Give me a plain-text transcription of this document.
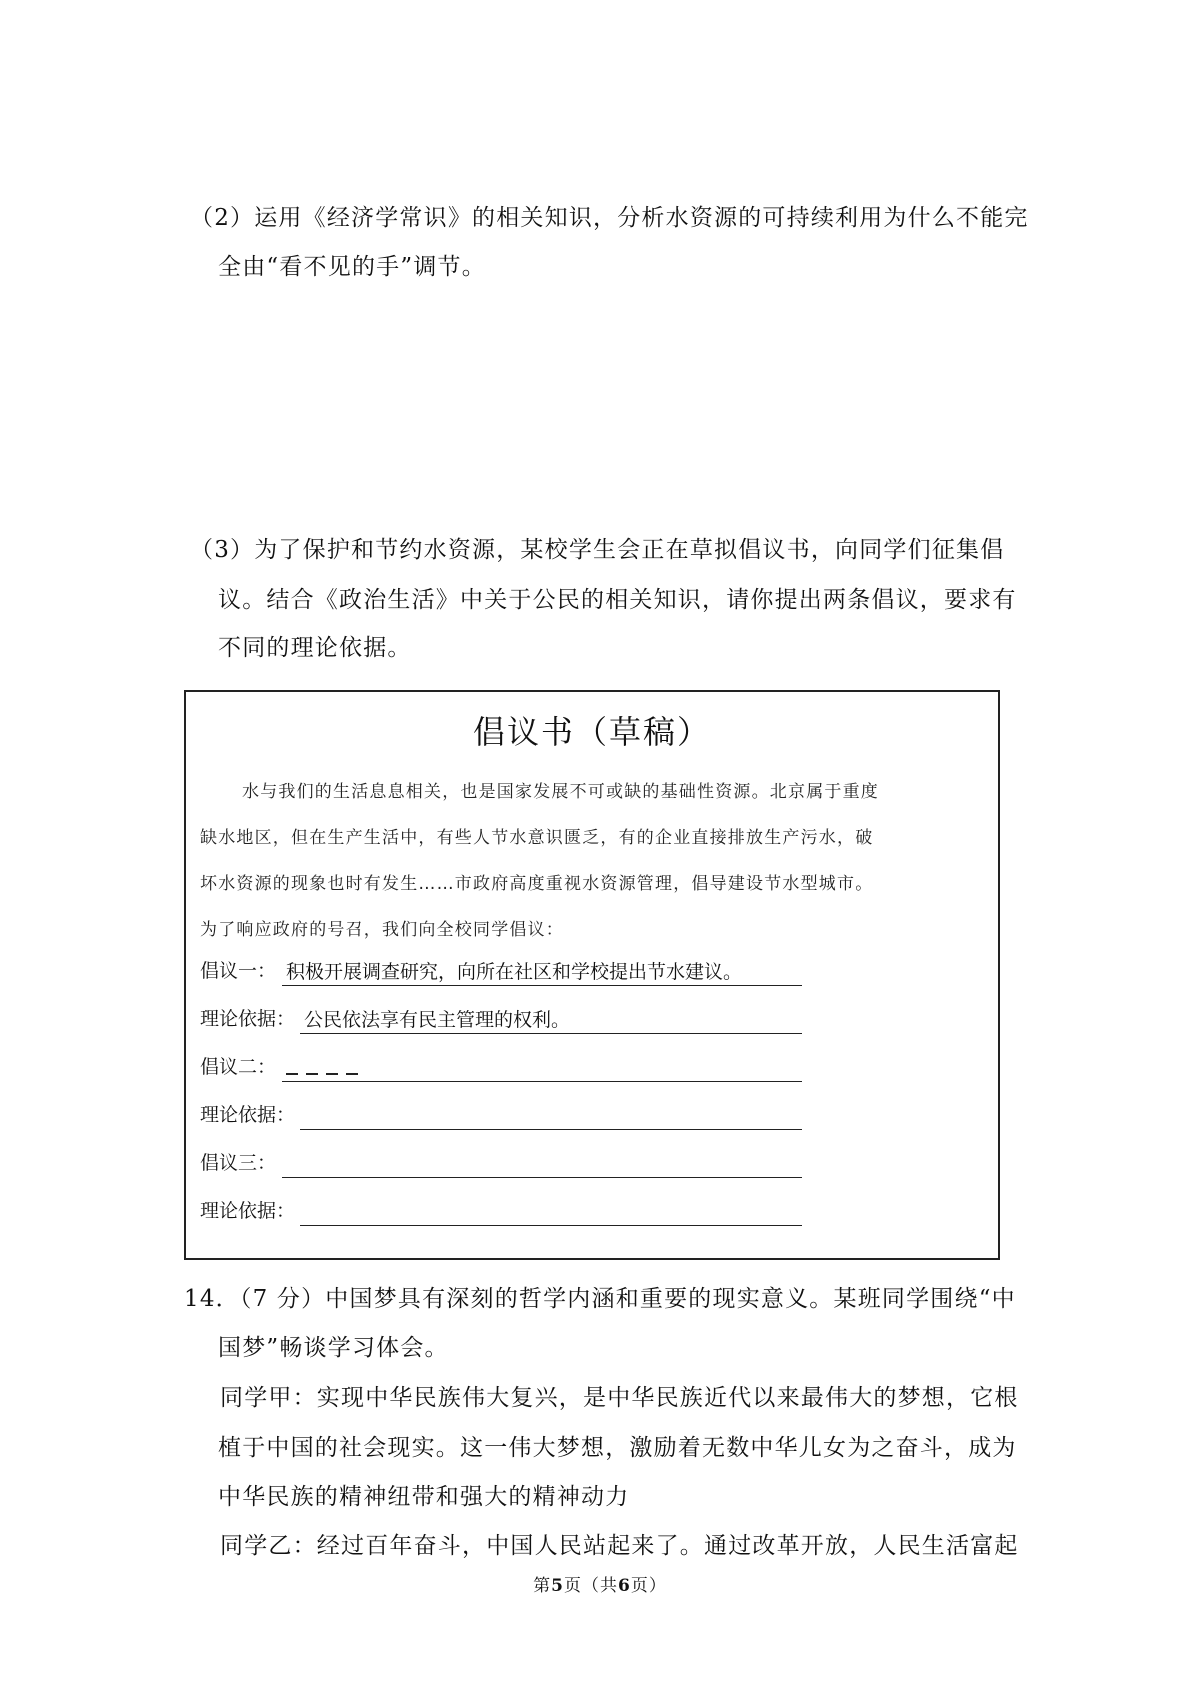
（2）运用《经济学常识》的相关知识，分析水资源的可持续利用为什么不能完
全由“看不见的手”调节。
（3）为了保护和节约水资源，某校学生会正在草拟倡议书，向同学们征集倡
议。结合《政治生活》中关于公民的相关知识，请你提出两条倡议，要求有
不同的理论依据。
倡议书（草稿）
水与我们的生活息息相关，也是国家发展不可或缺的基础性资源。北京属于重度
缺水地区，但在生产生活中，有些人节水意识匮乏，有的企业直接排放生产污水，破
坏水资源的现象也时有发生……市政府高度重视水资源管理，倡导建设节水型城市。
为了响应政府的号召，我们向全校同学倡议：
倡议一： 积极开展调查研究，向所在社区和学校提出节水建议。
理论依据： 公民依法享有民主管理的权利。
倡议二：
理论依据：
倡议三：
理论依据：
14．（7 分）中国梦具有深刻的哲学内涵和重要的现实意义。某班同学围绕“中
国梦”畅谈学习体会。
同学甲：实现中华民族伟大复兴，是中华民族近代以来最伟大的梦想，它根
植于中国的社会现实。这一伟大梦想，激励着无数中华儿女为之奋斗，成为
中华民族的精神纽带和强大的精神动力
同学乙：经过百年奋斗，中国人民站起来了。通过改革开放，人民生活富起
第5页（共6页）
